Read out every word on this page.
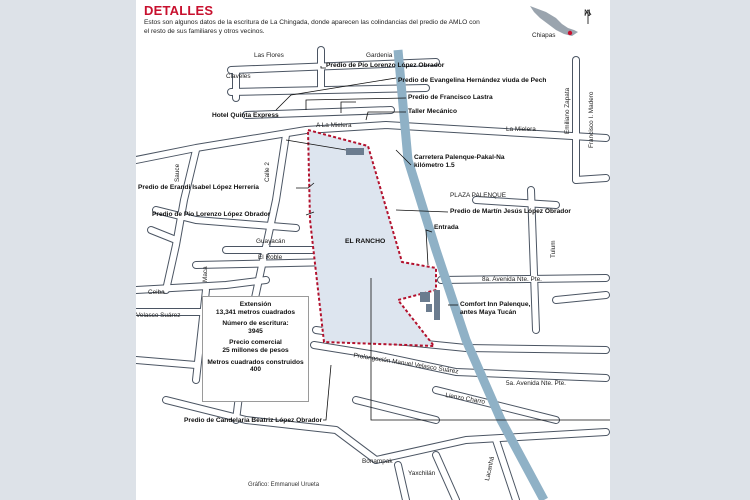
DETALLES
Estos son algunos datos de la escritura de La Chingada, donde aparecen las colindancias del predio de AMLO con el resto de sus familiares y otros vecinos.
N
Chiapas
Las Flores	Gardenia
Claveles
A La Mielera
La Mielera	Emiliano Zapata	Francisco I. Madero
Sauce	Calle 2
PLAZA PALENQUE
Tulum
Guayacán
El Roble
Maca
Ceiba
Velasco Suárez
8a. Avenida Nte. Pte.
Prolongación Manuel Velasco Suárez
5a. Avenida Nte. Pte.
Lienzo Charro
Bonampak
Yaxchilán	Lacanhá
Predio de Pío Lorenzo López Obrador
Predio de Evangelina Hernández viuda de Pech
Predio de Francisco Lastra
Taller Mecánico
Hotel Quinta Express
Carretera Palenque-Pakal-Na
kilómetro 1.5
Predio de Erandi Isabel López Herrería
Predio de Pío Lorenzo López Obrador	Predio de Martín Jesús López Obrador
Entrada
Comfort Inn Palenque,
antes Maya Tucán
Predio de Candelaria Beatriz López Obrador
EL RANCHO
Extensión
13,341 metros cuadrados
Número de escritura:
3945
Precio comercial
25 millones de pesos
Metros cuadrados construidos
400
Gráfico: Emmanuel Urueta
